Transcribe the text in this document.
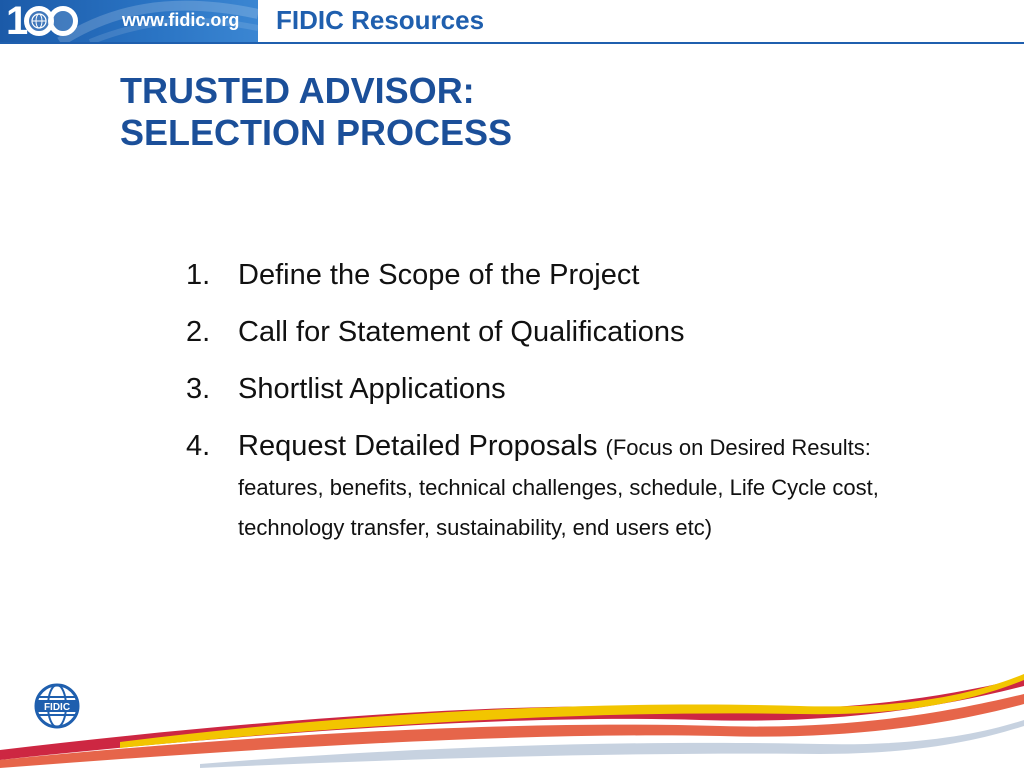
1	www.fidic.org FIDIC Resources
TRUSTED ADVISOR:
SELECTION PROCESS
1. Define the Scope of the Project
2. Call for Statement of Qualifications
3. Shortlist Applications
4. Request Detailed Proposals (Focus on Desired Results: features, benefits, technical challenges, schedule, Life Cycle cost, technology transfer, sustainability, end users etc)
FIDIC
